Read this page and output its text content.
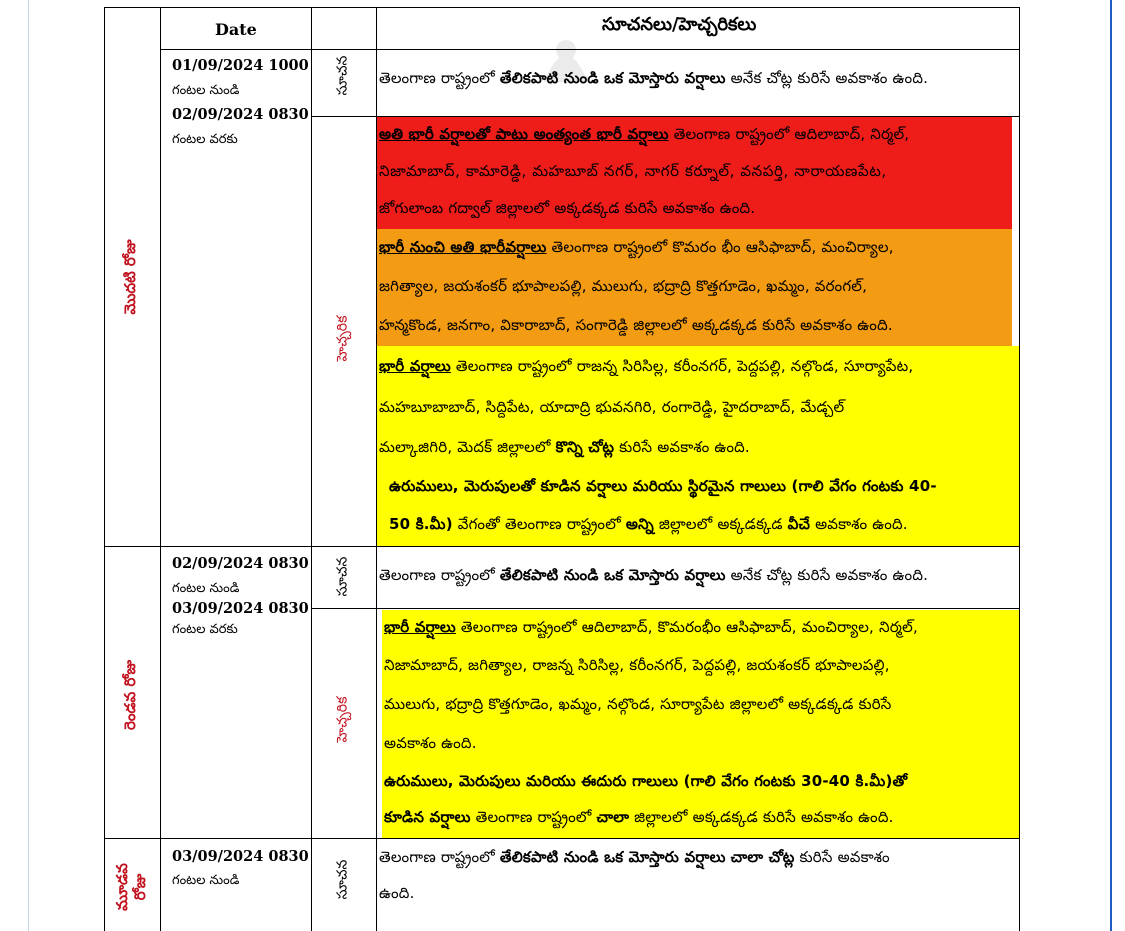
Date	సూచనలు/హెచ్చరికలు
మొదటి రోజు
01/09/2024 1000
గంటల నుండి
02/09/2024 0830
గంటల వరకు
సూచన
హెచ్చరిక
తెలంగాణ రాష్ట్రంలో తేలికపాటి నుండి ఒక మోస్తారు వర్షాలు అనేక చోట్ల కురిసే అవకాశం ఉంది.
అతి భారీ వర్షాలతో పాటు అంత్యంత భారీ వర్షాలు తెలంగాణ రాష్ట్రంలో ఆదిలాబాద్, నిర్మల్,
నిజామాబాద్, కామారెడ్డి, మహబూబ్ నగర్, నాగర్ కర్నూల్, వనపర్తి, నారాయణపేట,
జోగులాంబ గద్వాల్ జిల్లాలలో అక్కడక్కడ కురిసే అవకాశం ఉంది.
భారీ నుంచి అతి భారీవర్షాలు తెలంగాణ రాష్ట్రంలో కొమరం భీం ఆసిఫాబాద్, మంచిర్యాల,
జగిత్యాల, జయశంకర్ భూపాలపల్లి, ములుగు, భద్రాద్రి కొత్తగూడెం, ఖమ్మం, వరంగల్,
హన్మకొండ, జనగాం, వికారాబాద్, సంగారెడ్డి జిల్లాలలో అక్కడక్కడ కురిసే అవకాశం ఉంది.
భారీ వర్షాలు తెలంగాణ రాష్ట్రంలో రాజన్న సిరిసిల్ల, కరీంనగర్, పెద్దపల్లి, నల్గొండ, సూర్యాపేట,
మహబూబాబాద్, సిద్దిపేట, యాదాద్రి భువనగిరి, రంగారెడ్డి, హైదరాబాద్, మేడ్చల్
మల్కాజిగిరి, మెదక్ జిల్లాలలో కొన్ని చోట్ల కురిసే అవకాశం ఉంది.
ఉరుములు, మెరుపులతో కూడిన వర్షాలు మరియు స్థిరమైన గాలులు (గాలి వేగం గంటకు 40-
50 కి.మీ) వేగంతో తెలంగాణ రాష్ట్రంలో అన్ని జిల్లాలలో అక్కడక్కడ వీచే అవకాశం ఉంది.
రెండవ రోజు
02/09/2024 0830
గంటల నుండి
03/09/2024 0830
గంటల వరకు
సూచన
హెచ్చరిక
తెలంగాణ రాష్ట్రంలో తేలికపాటి నుండి ఒక మోస్తారు వర్షాలు అనేక చోట్ల కురిసే అవకాశం ఉంది.
భారీ వర్షాలు తెలంగాణ రాష్ట్రంలో ఆదిలాబాద్, కొమరంభీం ఆసిఫాబాద్, మంచిర్యాల, నిర్మల్,
నిజామాబాద్, జగిత్యాల, రాజన్న సిరిసిల్ల, కరీంనగర్, పెద్దపల్లి, జయశంకర్ భూపాలపల్లి,
ములుగు, భద్రాద్రి కొత్తగూడెం, ఖమ్మం, నల్గొండ, సూర్యాపేట జిల్లాలలో అక్కడక్కడ కురిసే
అవకాశం ఉంది.
ఉరుములు, మెరుపులు మరియు ఈదురు గాలులు (గాలి వేగం గంటకు 30-40 కి.మీ)తో
కూడిన వర్షాలు తెలంగాణ రాష్ట్రంలో చాలా జిల్లాలలో అక్కడక్కడ కురిసే అవకాశం ఉంది.
మూడవ రోజు
03/09/2024 0830
గంటల నుండి	సూచన
తెలంగాణ రాష్ట్రంలో తేలికపాటి నుండి ఒక మోస్తారు వర్షాలు చాలా చోట్ల కురిసే అవకాశం
ఉంది.
